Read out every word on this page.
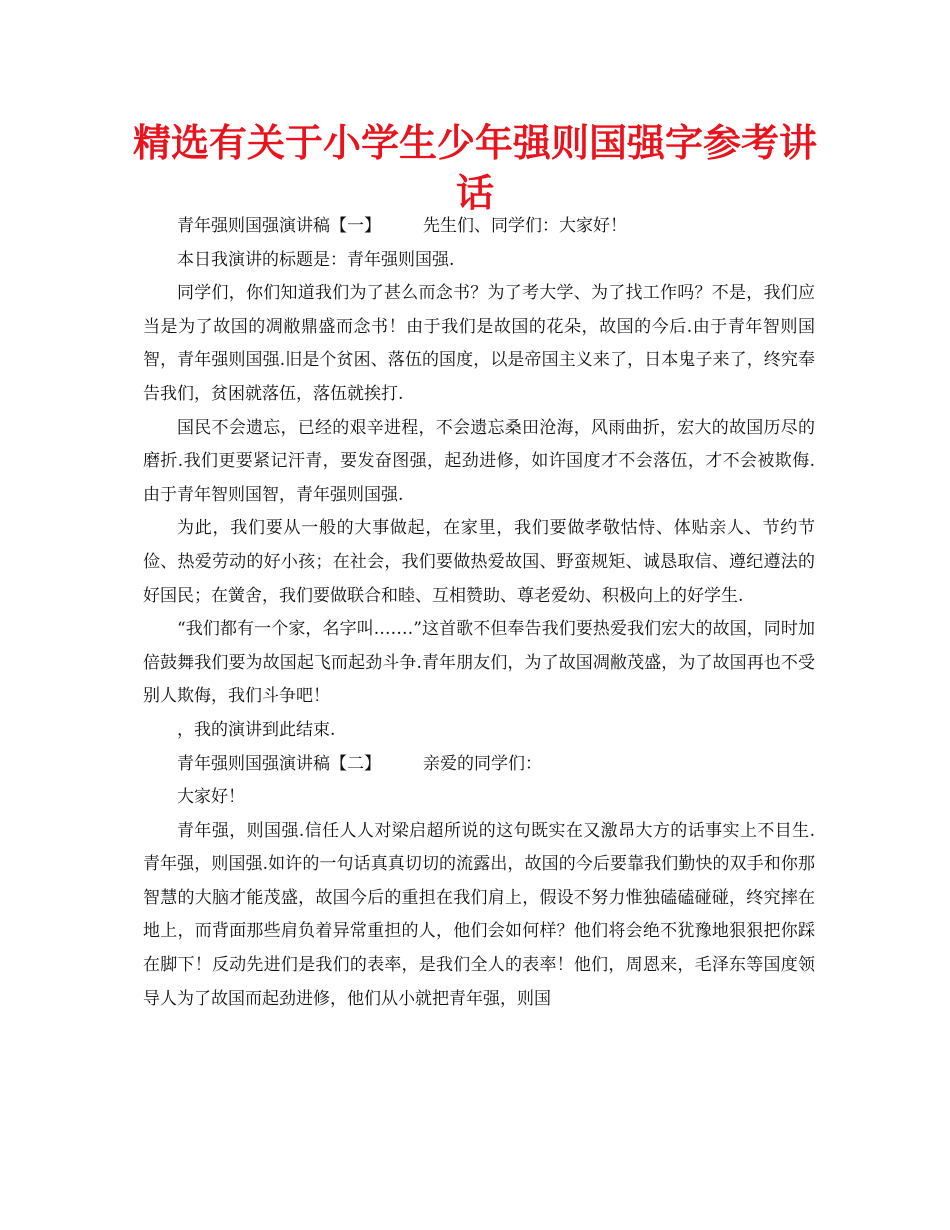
精选有关于小学生少年强则国强字参考讲话

青年强则国强演讲稿【一】 先生们、同学们：大家好！

本日我演讲的标题是：青年强则国强.

同学们，你们知道我们为了甚么而念书？为了考大学、为了找工作吗？不是，我们应当是为了故国的凋敝鼎盛而念书！由于我们是故国的花朵，故国的今后.由于青年智则国智，青年强则国强.旧是个贫困、落伍的国度，以是帝国主义来了，日本鬼子来了，终究奉告我们，贫困就落伍，落伍就挨打.

国民不会遗忘，已经的艰辛进程，不会遗忘桑田沧海，风雨曲折，宏大的故国历尽的磨折.我们更要紧记汗青，要发奋图强，起劲进修，如许国度才不会落伍，才不会被欺侮.由于青年智则国智，青年强则国强.

为此，我们要从一般的大事做起，在家里，我们要做孝敬怙恃、体贴亲人、节约节俭、热爱劳动的好小孩；在社会，我们要做热爱故国、野蛮规矩、诚恳取信、遵纪遵法的好国民；在黉舍，我们要做联合和睦、互相赞助、尊老爱幼、积极向上的好学生.

“我们都有一个家，名字叫.……”这首歌不但奉告我们要热爱我们宏大的故国，同时加倍鼓舞我们要为故国起飞而起劲斗争.青年朋友们，为了故国凋敝茂盛，为了故国再也不受别人欺侮，我们斗争吧！

，我的演讲到此结束.

青年强则国强演讲稿【二】 亲爱的同学们：

大家好！

青年强，则国强.信任人人对梁启超所说的这句既实在又激昂大方的话事实上不目生.青年强，则国强.如许的一句话真真切切的流露出，故国的今后要靠我们勤快的双手和你那智慧的大脑才能茂盛，故国今后的重担在我们肩上，假设不努力惟独磕磕碰碰，终究摔在地上，而背面那些肩负着异常重担的人，他们会如何样？他们将会绝不犹豫地狠狠把你踩在脚下！反动先进们是我们的表率，是我们全人的表率！他们，周恩来，毛泽东等国度领导人为了故国而起劲进修，他们从小就把青年强，则国
